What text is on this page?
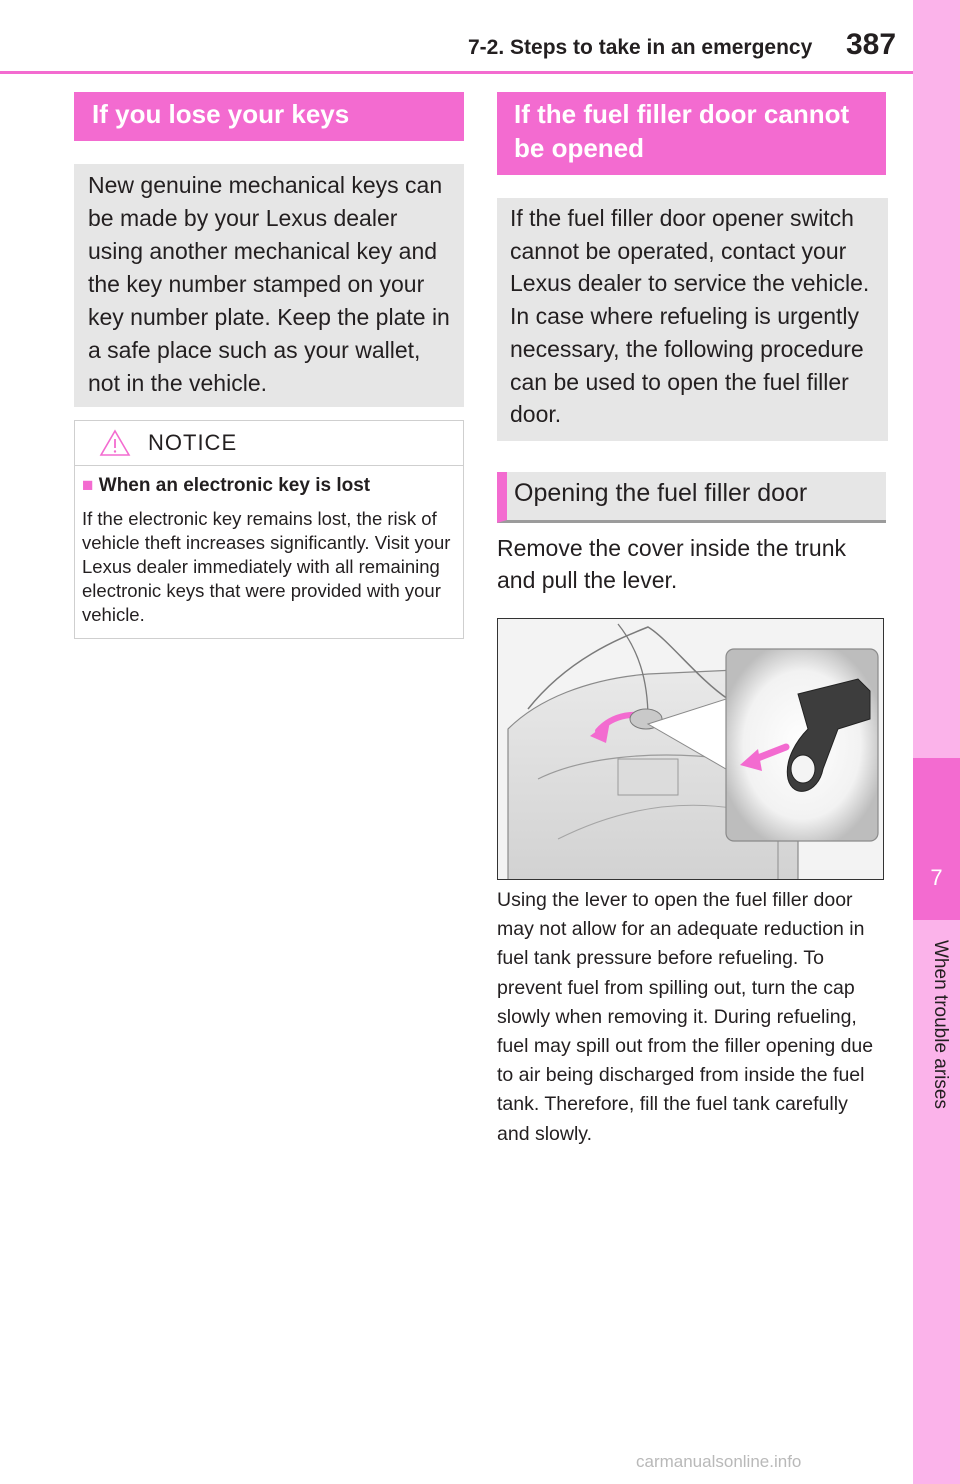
7-2. Steps to take in an emergency 387
7
When trouble arises
If you lose your keys
New genuine mechanical keys can be made by your Lexus dealer using another mechanical key and the key number stamped on your key number plate. Keep the plate in a safe place such as your wallet, not in the vehicle.
NOTICE
■ When an electronic key is lost
If the electronic key remains lost, the risk of vehicle theft increases significantly. Visit your Lexus dealer immediately with all remaining electronic keys that were provided with your vehicle.
If the fuel filler door cannot be opened
If the fuel filler door opener switch cannot be operated, contact your Lexus dealer to service the vehicle. In case where refueling is urgently necessary, the following procedure can be used to open the fuel filler door.
Opening the fuel filler door
Remove the cover inside the trunk and pull the lever.
Using the lever to open the fuel filler door may not allow for an adequate reduction in fuel tank pressure before refueling. To prevent fuel from spilling out, turn the cap slowly when removing it. During refueling, fuel may spill out from the filler opening due to air being discharged from inside the fuel tank. Therefore, fill the fuel tank carefully and slowly.
carmanualsonline.info
